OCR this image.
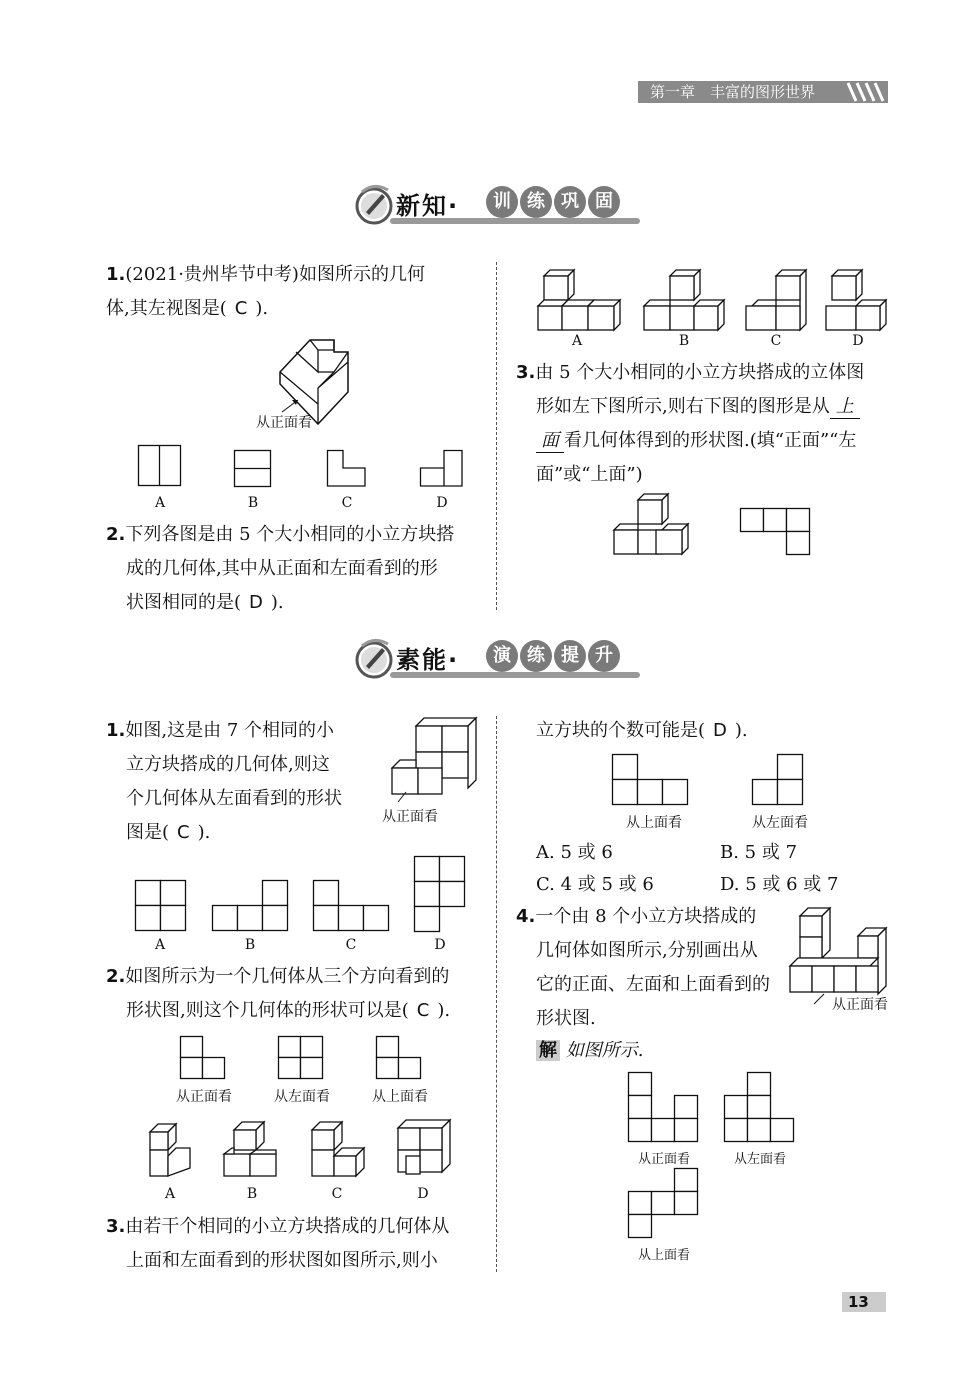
第一章　丰富的图形世界
新知·	训 练 巩 固
1.(2021·贵州毕节中考)如图所示的几何
体,其左视图是( C ).
从正面看
A	B	C	D
2.下列各图是由 5 个大小相同的小立方块搭
成的几何体,其中从正面和左面看到的形
状图相同的是( D ).
A	B	C	D
3.由 5 个大小相同的小立方块搭成的立体图
形如左下图所示,则右下图的图形是从 上
面 看几何体得到的形状图.(填“正面”“左
面”或“上面”)
素能·	演 练 提 升
1.如图,这是由 7 个相同的小
立方块搭成的几何体,则这
个几何体从左面看到的形状
图是( C ).
从正面看
A	B	C	D
2.如图所示为一个几何体从三个方向看到的
形状图,则这个几何体的形状可以是( C ).
从正面看	从左面看	从上面看
A	B	C	D
3.由若干个相同的小立方块搭成的几何体从
上面和左面看到的形状图如图所示,则小
立方块的个数可能是( D ).
从上面看	从左面看
A. 5 或 6	B. 5 或 7
C. 4 或 5 或 6	D. 5 或 6 或 7
4.一个由 8 个小立方块搭成的
几何体如图所示,分别画出从
它的正面、左面和上面看到的
形状图.
从正面看
解 如图所示.
从正面看	从左面看
从上面看
13
